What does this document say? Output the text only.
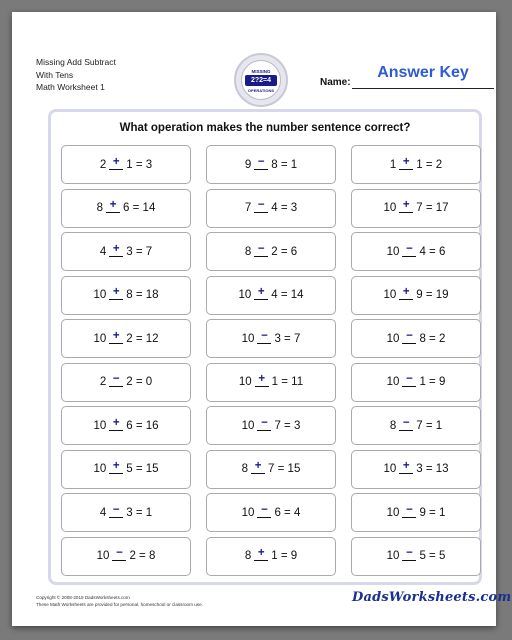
Missing Add Subtract
With Tens
Math Worksheet 1
MISSING
2?2=4
OPERATIONS
Name:
Answer Key
What operation makes the number sentence correct?
2 + 1 = 3	9 − 8 = 1	1 + 1 = 2
8 + 6 = 14	7 − 4 = 3	10 + 7 = 17
4 + 3 = 7	8 − 2 = 6	10 − 4 = 6
10 + 8 = 18	10 + 4 = 14	10 + 9 = 19
10 + 2 = 12	10 − 3 = 7	10 − 8 = 2
2 − 2 = 0	10 + 1 = 11	10 − 1 = 9
10 + 6 = 16	10 − 7 = 3	8 − 7 = 1
10 + 5 = 15	8 + 7 = 15	10 + 3 = 13
4 − 3 = 1	10 − 6 = 4	10 − 9 = 1
10 − 2 = 8	8 + 1 = 9	10 − 5 = 5
Copyright © 2008-2019 DadsWorksheets.com
These Math Worksheets are provided for personal, homeschool or classroom use.	DadsWorksheets.com
